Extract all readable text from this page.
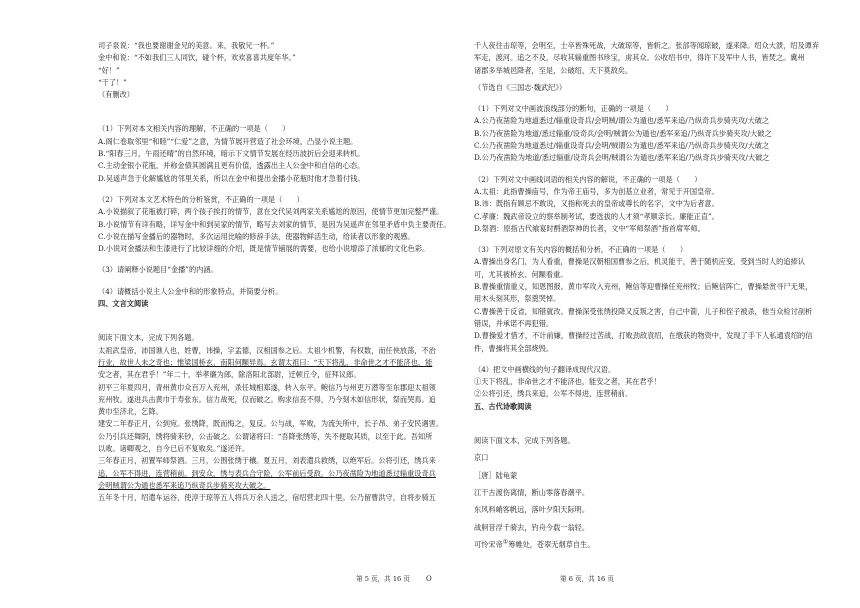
司子泉说：“我也要谢谢金兄的美意。来，我敬兄一杯。”
金中和说：“不如我们三人同饮，碰个杯，欢欢喜喜共度年华。”
“好！”
“干了！”
（有删改）
（1）下列对本文相关内容的理解，不正确的一项是（　　）
A.阁仁卷取邻里“和睦”“仁爱”之意，为情节展开营造了社会环境，凸显小说主题。
B.“阳春三月，午雨还晴”的自然环境，暗示下文情节发展在经历波折后会迎来转机。
C.主动金银小花瓶，并称金债其圆满且更有价值，透露出主人公金中和自信的心态。
D.吴遥声急于化解尴尬的邻里关系，所以在金中和提出金播小花瓶时他才急着付钱。
（2）下列对本文艺术特色的分析鉴赏，不正确的一项是（　　）
A.小说描叙了花瓶被打碎，两个孩子挨打的情节，意在交代吴刘两家关系尴尬的原因，使情节更加完整严谨。
B.小说情节有详有略，详写金中和到吴家的情节，略写去刘家的情节，是因为吴遥声在邻里矛盾中负主要责任。
C.小说在描写金播后的器物时，多次运用比喻的修辞手法，使器物鲜活生动，给读者以形象的观感。
D.小说对金播法和生漆进行了比较详细的介绍，既是情节铺展的需要，也给小说增添了浓郁的文化色彩。
（3）请阐释小说题目“金播”的内涵。
（4）请概括小说主人公金中和的形象特点，并简要分析。
四、文言文阅读
阅读下面文本，完成下列各题。
太祖武皇帝，沛国谯人也，姓曹，讳操，字孟德，汉相国参之后。太祖少机警，有权数，而任侠放荡，不治
行业，故世人未之奇也；惟梁国桥玄、南阳何颙异焉。玄谓太祖曰：“天下将乱，非命世之才不能济也，能
安之者，其在君乎！”年二十，举孝廉为郎，除洛阳北部尉，迁顿丘令，征拜议郎。
初平三年夏四月，青州黄巾众百万入兖州，杀任城相郑遂，转入东平。鲍信乃与州吏万潜等至东郡迎太祖领
兖州牧。遂进兵击黄巾于寿张东。信力战死，仅而破之。购求信丧不得，乃今刻木如信形状，祭而哭焉。追
黄巾至济北，乞降。
建安二年春正月，公到宛。张绣降，既而悔之，复反。公与战，军败，为流矢所中，长子昂、弟子安民遇害。
公乃引兵还舞阴，绣将骑来钞，公击破之。公谓诸将曰：“吾降张绣等，失不便取其质，以至于此。吾知所
以败。诸卿观之，自今已后不复败矣。”遂还许。
三年春正月，初置军师祭酒。三月，公围张绣于穰。夏五月，刘表遣兵救绣，以绝军后。公将引还，绣兵来
追，公军不得进，连营稍前。到安众，绣与表兵合守险，公军前后受敌。公乃夜凿险为地道悉过辎重设奇兵
会明贼谓公为遁也悉军来追乃纵奇兵步骑夹攻大破之。
五年冬十月，绍遣车运谷，使淳于琼等五人将兵万余人送之，宿绍营北四十里。公乃留曹洪守，自将步骑五
千人夜往击琼等，会明至，士卒皆殊死战，大破琼等，皆斩之。张郃等闻琼破，遂来降。绍众大溃，绍及谭弃
军走，渡河。追之不及，尽收其辎重图书珍宝，虏其众。公收绍书中，得许下及军中人书，皆焚之。冀州
诸郡多举城邑降者，至是，公破绍，天下莫敌矣。
（节选自《三国志·魏武纪》）
（1）下列对文中画波浪线部分的断句，正确的一项是（　　）
A.公乃夜凿险为地道悉过/辎重设奇兵/会明贼/谓公为遁也/悉军来追/乃纵奇兵步骑夹攻/大破之
B.公乃夜凿险为地道/悉过辎重/设奇兵/会明/贼谓公为遁也/悉军来追/乃纵奇兵步骑夹攻/大破之
C.公乃夜凿险为地道悉过/辎重设奇兵/会明/贼谓公为遁也/悉军来追/乃纵奇兵步骑夹攻/大破之
D.公乃夜凿险为地道/悉过辎重/设奇兵会明/贼谓公为遁也/悉军来追/乃纵奇兵步骑夹攻/大破之
（2）下列对文中画线词语的相关内容的解说，不正确的一项是（　　）
A.太祖：此指曹操庙号，作为帝王庙号，多为创基立业者，常见于开国皇帝。
B.讳：既指有顾忌不敢说，又指称死去的皇帝或尊长的名字，文中为后者意。
C.孝廉：魏武帝设立的察举制考试，要选拔的人才须“孝顺亲长、廉能正直”。
D.祭酒：原指古代飨宴时酹酒祭神的长者，文中“军师祭酒”指首席军师。
（3）下列对原文有关内容的概括和分析，不正确的一项是（　　）
A.曹操出身名门，为人看重，曹操是汉朝相国曹参之后，机灵能干，善于随机应变，受到当时人的追捧认
可，尤其被桥玄、何颙看重。
B.曹操重情重义，知恩图报。黄巾军攻入兖州，鲍信等迎曹操任兖州牧；后鲍信阵亡，曹操悬赏寻尸无果，
用木头刻其形，祭奠哭悼。
C.曹操善于反省，知错就改。曹操深受张绣投降又反叛之害，自己中箭，儿子和侄子被杀，他当众检讨剖析
错误，并承诺不再犯错。
D.曹操爱才惜才，不计前嫌，曹操经过苦战，打败劲敌袁绍，在缴获的物资中，发现了手下人私通袁绍的信
件，曹操将其全部烧毁。
（4）把文中画横线的句子翻译成现代汉语。
①天下将乱，非命世之才不能济也，能安之者，其在君乎！
②公将引还，绣兵来追，公军不得进，连营稍前。
五、古代诗歌阅读
阅读下面文本，完成下列各题。
京口
［唐］陆龟蒙
江干古渡伤离情，断山零落春潮平。
东风料峭客帆远，落叶夕阳天际明。
战舸昔浮千骑去，钓舟今载一翁轻。
可怜宋帝①筹帷处，苍翠无烟草自生。
第 5 页，共 16 页 O	第 6 页，共 16 页
